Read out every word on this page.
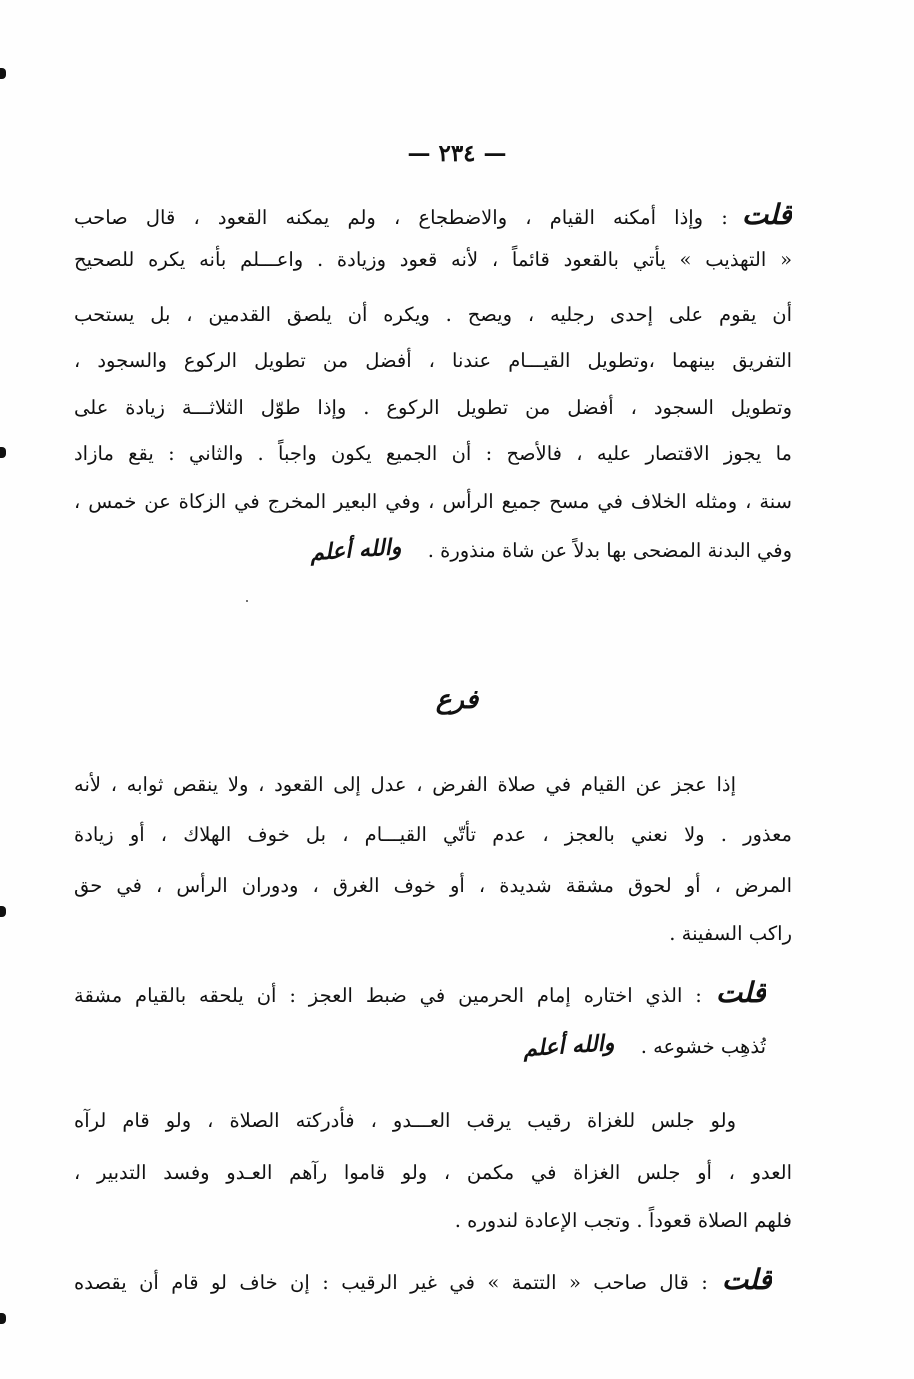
— ٢٣٤ —
قلت: وإذا أمكنه القيام ، والاضطجاع ، ولم يمكنه القعود ، قال صاحب
« التهذيب » يأتي بالقعود قائماً ، لأنه قعود وزيادة . واعـــلم بأنه يكره للصحيح
أن يقوم على إحدى رجليه ، ويصح . ويكره أن يلصق القدمين ، بل يستحب
التفريق بينهما ،وتطويل القيـــام عندنا ، أفضل من تطويل الركوع والسجود ،
وتطويل السجود ، أفضل من تطويل الركوع . وإذا طوّل الثلاثـــة زيادة على
ما يجوز الاقتصار عليه ، فالأصح : أن الجميع يكون واجباً . والثاني : يقع مازاد
سنة ، ومثله الخلاف في مسح جميع الرأس ، وفي البعير المخرج في الزكاة عن خمس ،
وفي البدنة المضحى بها بدلاً عن شاة منذورة .والله أعلم
فرع
إذا عجز عن القيام في صلاة الفرض ، عدل إلى القعود ، ولا ينقص ثوابه ، لأنه
معذور . ولا نعني بالعجز ، عدم تأتّي القيـــام ، بل خوف الهلاك ، أو زيادة
المرض ، أو لحوق مشقة شديدة ، أو خوف الغرق ، ودوران الرأس ، في حق
راكب السفينة .
قلت: الذي اختاره إمام الحرمين في ضبط العجز : أن يلحقه بالقيام مشقة
تُذهِب خشوعه .والله أعلم
ولو جلس للغزاة رقيب يرقب العـــدو ، فأدركته الصلاة ، ولو قام لرآه
العدو ، أو جلس الغزاة في مكمن ، ولو قاموا رآهم العـدو وفسد التدبير ،
فلهم الصلاة قعوداً . وتجب الإعادة لندوره .
قلت: قال صاحب « التتمة » في غير الرقيب : إن خاف لو قام أن يقصده
